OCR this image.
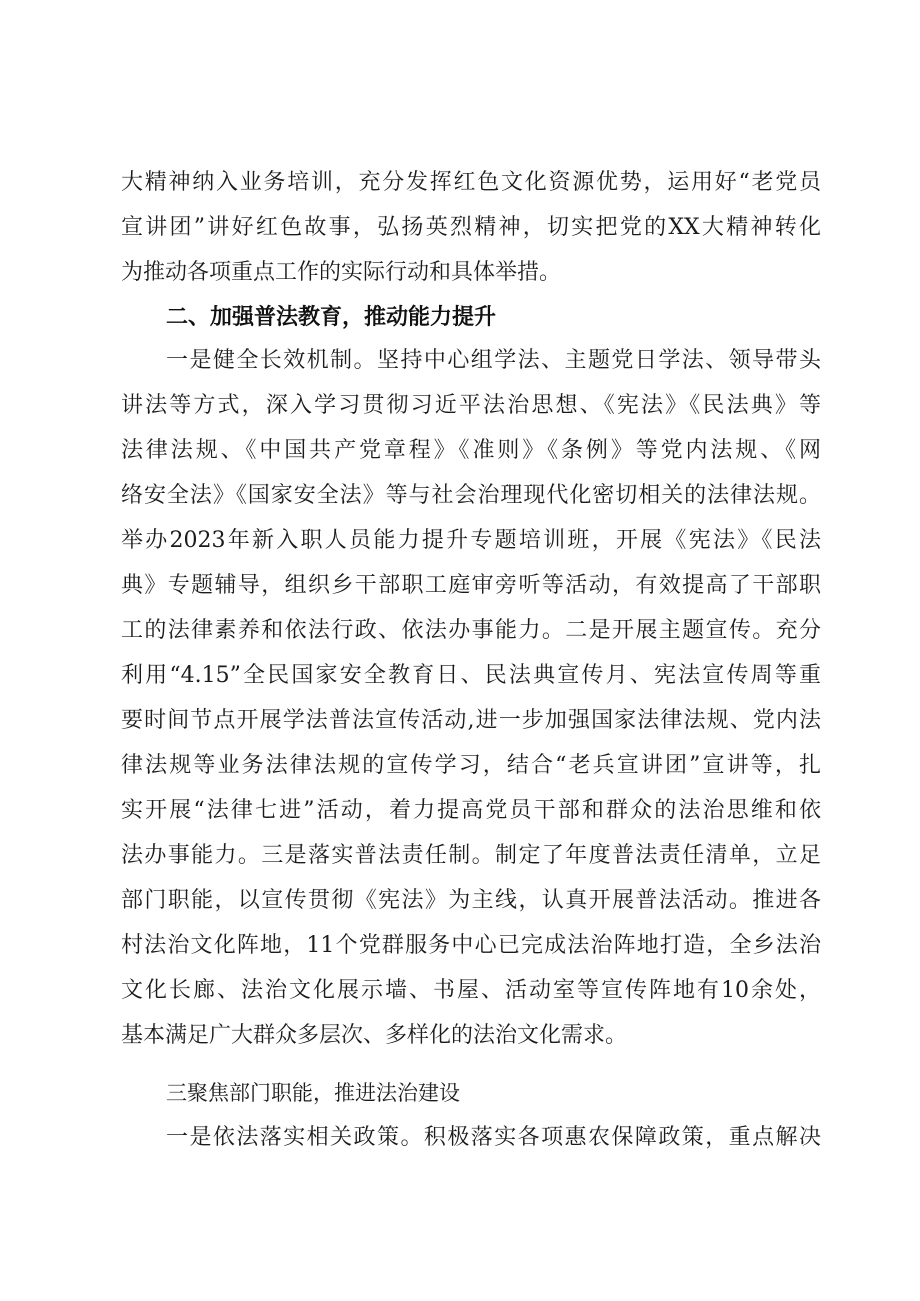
大精神纳入业务培训，充分发挥红色文化资源优势，运用好“老党员
宣讲团”讲好红色故事，弘扬英烈精神，切实把党的XX大精神转化
为推动各项重点工作的实际行动和具体举措。
二、加强普法教育，推动能力提升
一是健全长效机制。坚持中心组学法、主题党日学法、领导带头
讲法等方式，深入学习贯彻习近平法治思想、《宪法》《民法典》等
法律法规、《中国共产党章程》《准则》《条例》等党内法规、《网
络安全法》《国家安全法》等与社会治理现代化密切相关的法律法规。
举办2023年新入职人员能力提升专题培训班，开展《宪法》《民法
典》专题辅导，组织乡干部职工庭审旁听等活动，有效提高了干部职
工的法律素养和依法行政、依法办事能力。二是开展主题宣传。充分
利用“4.15”全民国家安全教育日、民法典宣传月、宪法宣传周等重
要时间节点开展学法普法宣传活动,进一步加强国家法律法规、党内法
律法规等业务法律法规的宣传学习，结合“老兵宣讲团”宣讲等，扎
实开展“法律七进”活动，着力提高党员干部和群众的法治思维和依
法办事能力。三是落实普法责任制。制定了年度普法责任清单，立足
部门职能，以宣传贯彻《宪法》为主线，认真开展普法活动。推进各
村法治文化阵地，11个党群服务中心已完成法治阵地打造，全乡法治
文化长廊、法治文化展示墙、书屋、活动室等宣传阵地有10余处，
基本满足广大群众多层次、多样化的法治文化需求。
三聚焦部门职能，推进法治建设
一是依法落实相关政策。积极落实各项惠农保障政策，重点解决
